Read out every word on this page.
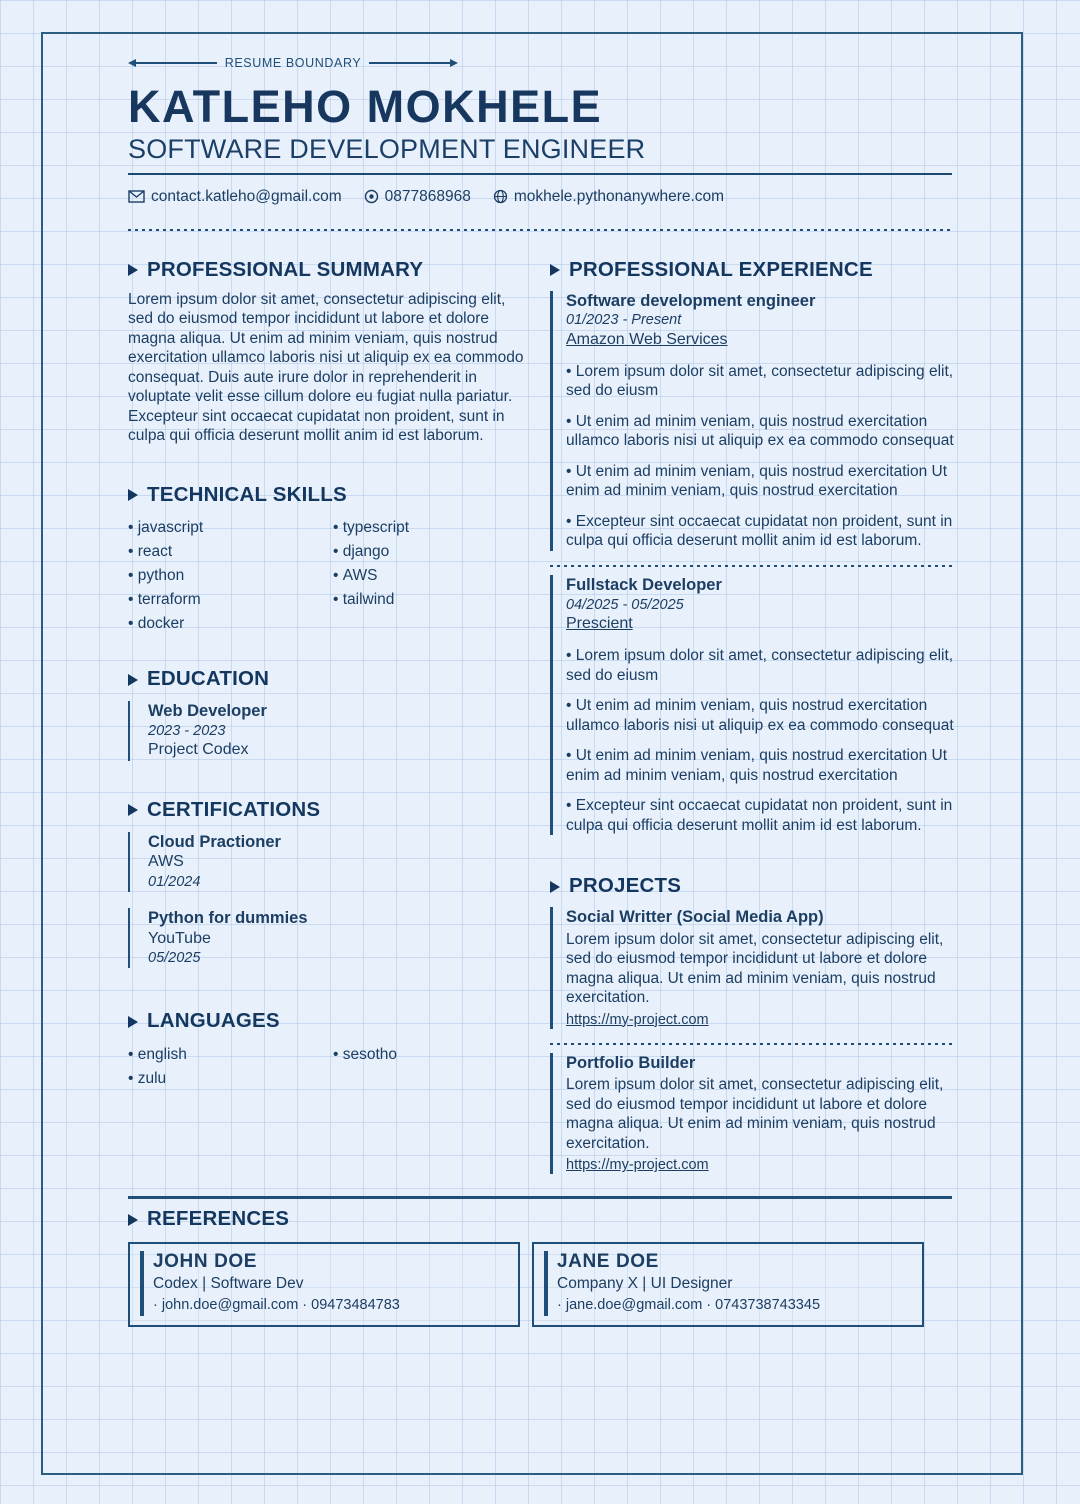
RESUME BOUNDARY
KATLEHO MOKHELE
SOFTWARE DEVELOPMENT ENGINEER
contact.katleho@gmail.com	0877868968	mokhele.pythonanywhere.com
PROFESSIONAL SUMMARY
Lorem ipsum dolor sit amet, consectetur adipiscing elit, sed do eiusmod tempor incididunt ut labore et dolore magna aliqua. Ut enim ad minim veniam, quis nostrud exercitation ullamco laboris nisi ut aliquip ex ea commodo consequat. Duis aute irure dolor in reprehenderit in voluptate velit esse cillum dolore eu fugiat nulla pariatur. Excepteur sint occaecat cupidatat non proident, sunt in culpa qui officia deserunt mollit anim id est laborum.
TECHNICAL SKILLS
• javascript
• react
• python
• terraform
• docker
• typescript
• django
• AWS
• tailwind
EDUCATION
Web Developer
2023 - 2023
Project Codex
CERTIFICATIONS
Cloud Practioner
AWS
01/2024
Python for dummies
YouTube
05/2025
LANGUAGES
• english
• zulu
• sesotho
PROFESSIONAL EXPERIENCE
Software development engineer
01/2023 - Present
Amazon Web Services
• Lorem ipsum dolor sit amet, consectetur adipiscing elit, sed do eiusm
• Ut enim ad minim veniam, quis nostrud exercitation ullamco laboris nisi ut aliquip ex ea commodo consequat
• Ut enim ad minim veniam, quis nostrud exercitation Ut enim ad minim veniam, quis nostrud exercitation
• Excepteur sint occaecat cupidatat non proident, sunt in culpa qui officia deserunt mollit anim id est laborum.
Fullstack Developer
04/2025 - 05/2025
Prescient
• Lorem ipsum dolor sit amet, consectetur adipiscing elit, sed do eiusm
• Ut enim ad minim veniam, quis nostrud exercitation ullamco laboris nisi ut aliquip ex ea commodo consequat
• Ut enim ad minim veniam, quis nostrud exercitation Ut enim ad minim veniam, quis nostrud exercitation
• Excepteur sint occaecat cupidatat non proident, sunt in culpa qui officia deserunt mollit anim id est laborum.
PROJECTS
Social Writter (Social Media App)
Lorem ipsum dolor sit amet, consectetur adipiscing elit, sed do eiusmod tempor incididunt ut labore et dolore magna aliqua. Ut enim ad minim veniam, quis nostrud exercitation.
https://my-project.com
Portfolio Builder
Lorem ipsum dolor sit amet, consectetur adipiscing elit, sed do eiusmod tempor incididunt ut labore et dolore magna aliqua. Ut enim ad minim veniam, quis nostrud exercitation.
https://my-project.com
REFERENCES
JOHN DOE
Codex | Software Dev
· john.doe@gmail.com · 09473484783
JANE DOE
Company X | UI Designer
· jane.doe@gmail.com · 0743738743345
